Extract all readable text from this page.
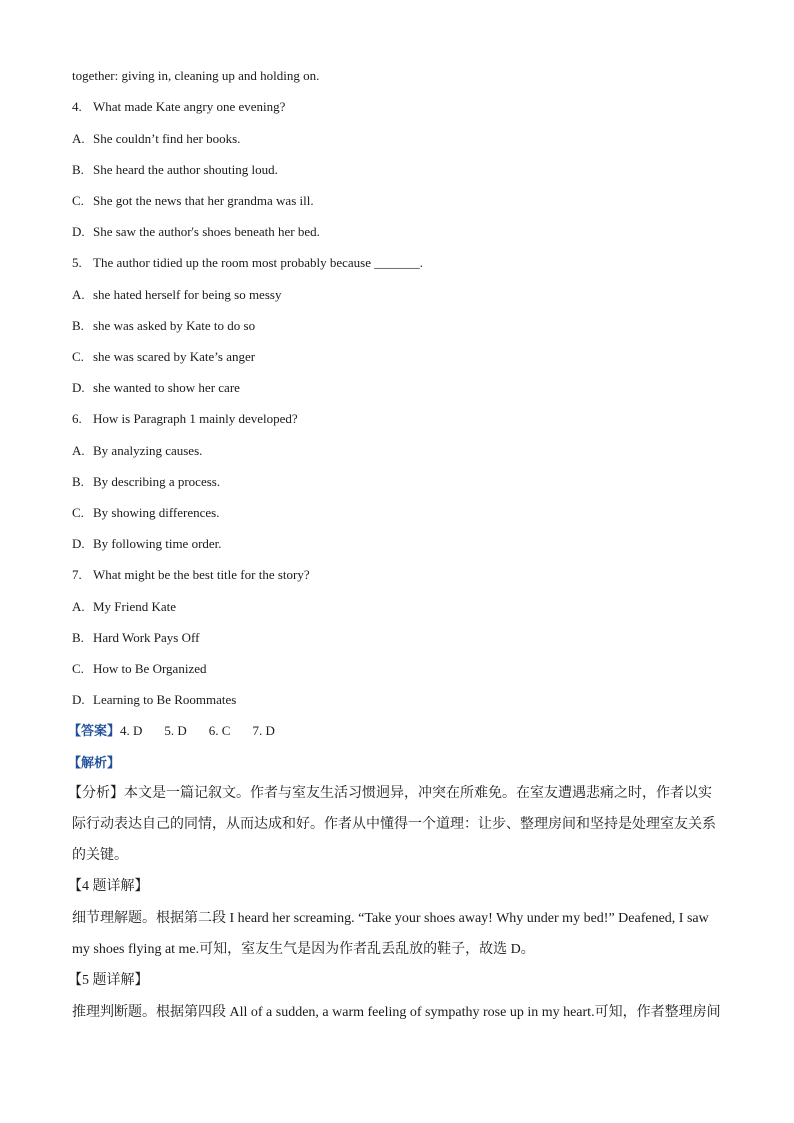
together: giving in, cleaning up and holding on.
4. What made Kate angry one evening?
A. She couldn’t find her books.
B. She heard the author shouting loud.
C. She got the news that her grandma was ill.
D. She saw the author's shoes beneath her bed.
5. The author tidied up the room most probably because _______.
A. she hated herself for being so messy
B. she was asked by Kate to do so
C. she was scared by Kate’s anger
D. she wanted to show her care
6. How is Paragraph 1 mainly developed?
A. By analyzing causes.
B. By describing a process.
C. By showing differences.
D. By following time order.
7. What might be the best title for the story?
A. My Friend Kate
B. Hard Work Pays Off
C. How to Be Organized
D. Learning to Be Roommates
【答案】4. D 5. D 6. C 7. D
【解析】
【分析】本文是一篇记叙文。作者与室友生活习惯迥异，冲突在所难免。在室友遭遇悲痛之时，作者以实
际行动表达自己的同情，从而达成和好。作者从中懂得一个道理：让步、整理房间和坚持是处理室友关系
的关键。
【4 题详解】
细节理解题。根据第二段 I heard her screaming. “Take your shoes away! Why under my bed!” Deafened, I saw
my shoes flying at me.可知，室友生气是因为作者乱丢乱放的鞋子，故选 D。
【5 题详解】
推理判断题。根据第四段 All of a sudden, a warm feeling of sympathy rose up in my heart.可知，作者整理房间
